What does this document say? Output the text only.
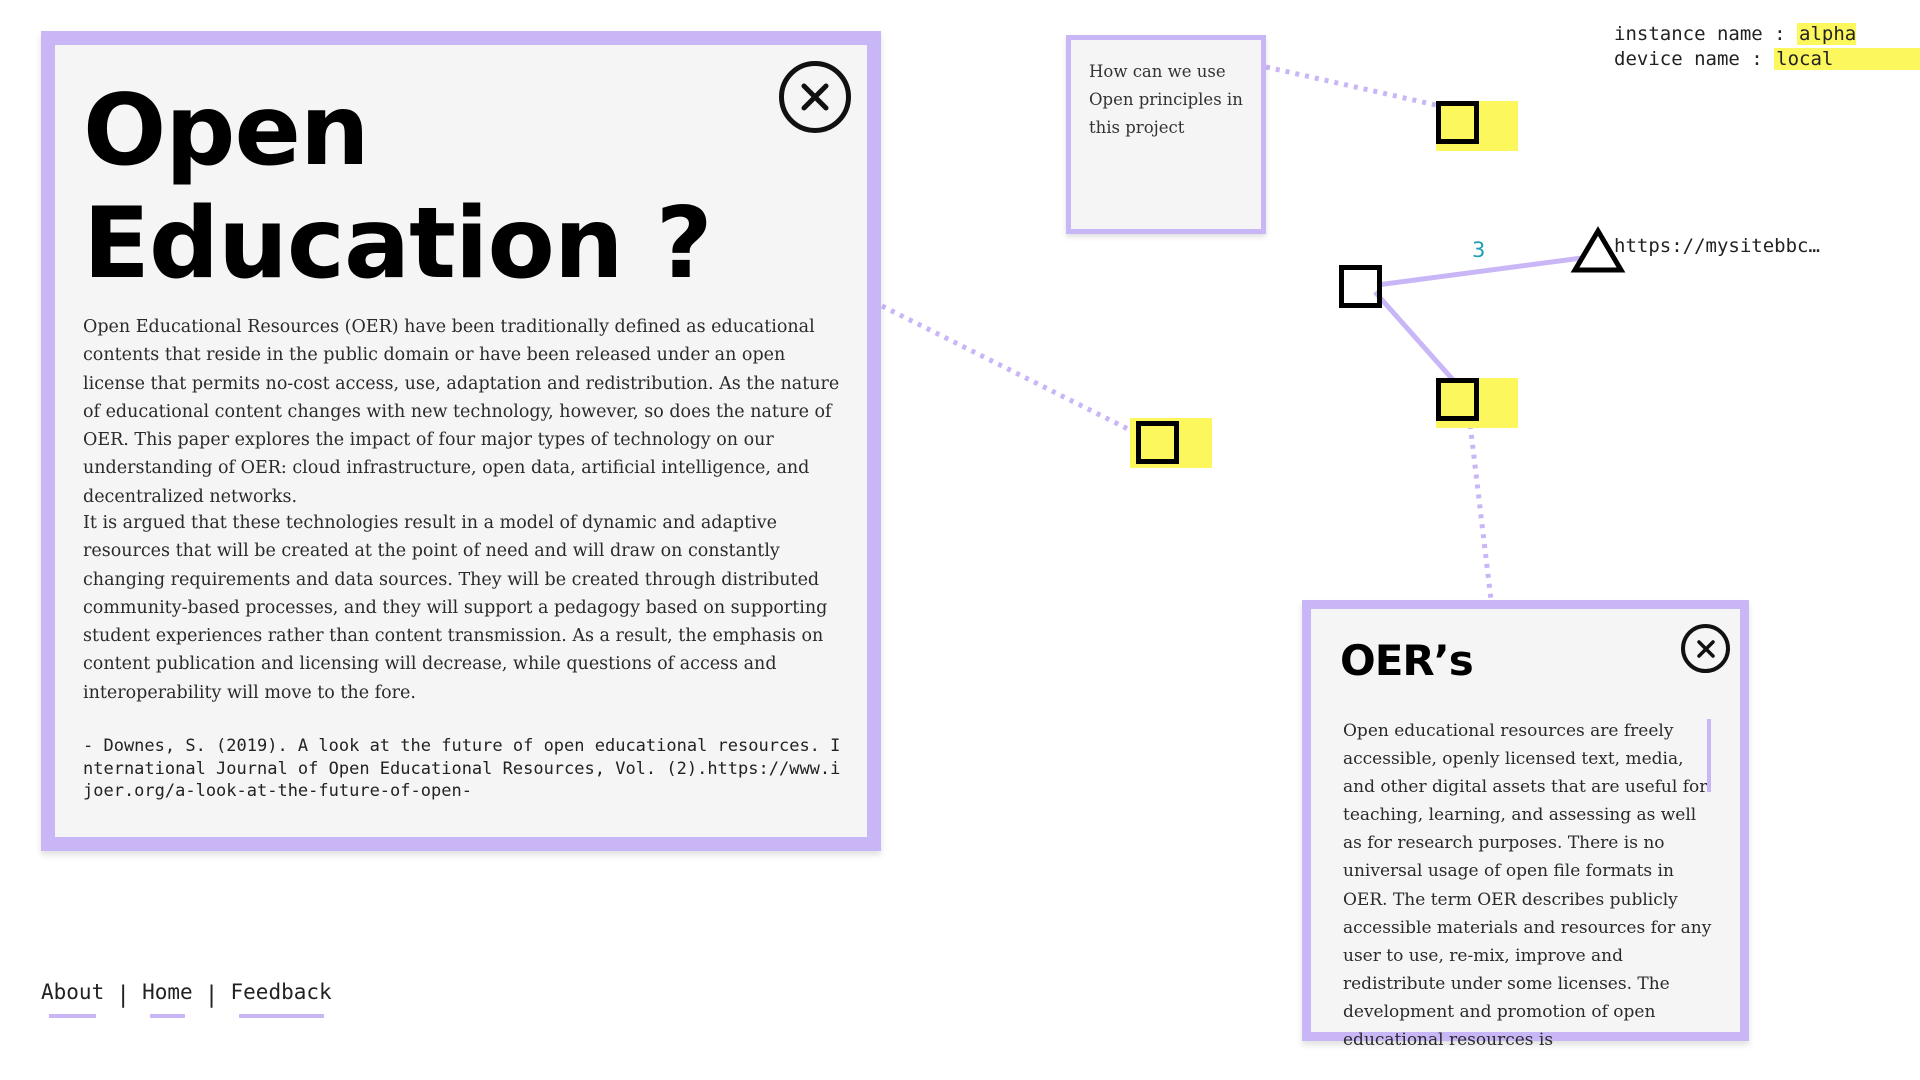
Open Education ?

Open Educational Resources (OER) have been traditionally defined as educational contents that reside in the public domain or have been released under an open license that permits no-cost access, use, adaptation and redistribution. As the nature of educational content changes with new technology, however, so does the nature of OER. This paper explores the impact of four major types of technology on our understanding of OER: cloud infrastructure, open data, artificial intelligence, and decentralized networks.

It is argued that these technologies result in a model of dynamic and adaptive resources that will be created at the point of need and will draw on constantly changing requirements and data sources. They will be created through distributed community-based processes, and they will support a pedagogy based on supporting student experiences rather than content transmission. As a result, the emphasis on content publication and licensing will decrease, while questions of access and interoperability will move to the fore.

- Downes, S. (2019). A look at the future of open educational resources. International Journal of Open Educational Resources, Vol. (2).https://www.ijoer.org/a-look-at-the-future-of-open-

How can we use Open principles in this project

instance name : alpha
device name : local
3	https://mysitebbc…
OER’s

Open educational resources are freely accessible, openly licensed text, media, and other digital assets that are useful for teaching, learning, and assessing as well as for research purposes. There is no universal usage of open file formats in OER. The term OER describes publicly accessible materials and resources for any user to use, re-mix, improve and redistribute under some licenses. The development and promotion of open educational resources is

About | Home | Feedback
